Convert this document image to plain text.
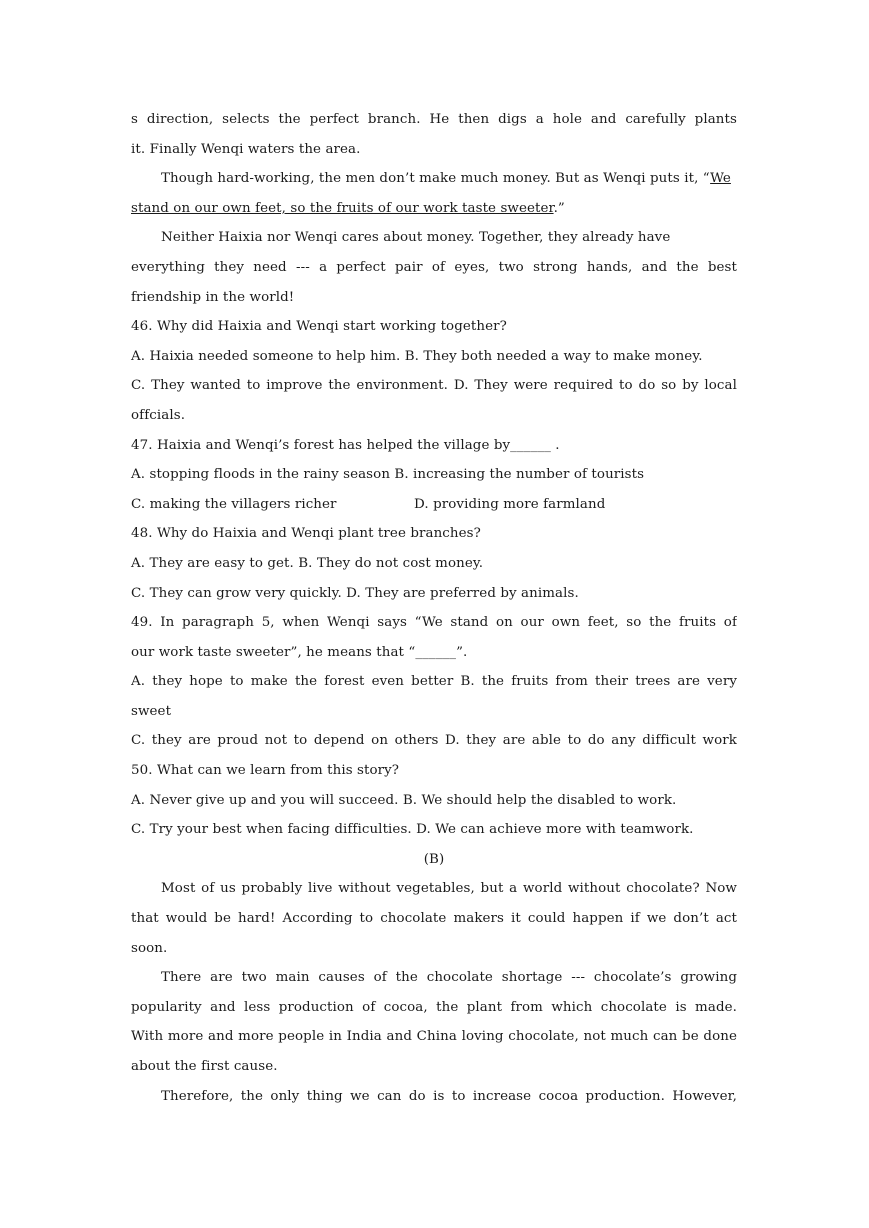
s direction, selects the perfect branch. He then digs a hole and carefully plants
it. Finally Wenqi waters the area.
Though hard-working, the men don’t make much money. But as Wenqi puts it, “We
stand on our own feet, so the fruits of our work taste sweeter.”
Neither Haixia nor Wenqi cares about money. Together, they already have
everything they need --- a perfect pair of eyes, two strong hands, and the best
friendship in the world!
46. Why did Haixia and Wenqi start working together?
A. Haixia needed someone to help him. B. They both needed a way to make money.
C. They wanted to improve the environment. D. They were required to do so by local
offcials.
47. Haixia and Wenqi’s forest has helped the village by______ .
A. stopping floods in the rainy season B. increasing the number of tourists
C. making the villagers richer	D. providing more farmland
48. Why do Haixia and Wenqi plant tree branches?
A. They are easy to get. B. They do not cost money.
C. They can grow very quickly. D. They are preferred by animals.
49. In paragraph 5, when Wenqi says “We stand on our own feet, so the fruits of
our work taste sweeter”, he means that “______”.
A. they hope to make the forest even better B. the fruits from their trees are very
sweet
C. they are proud not to depend on others D. they are able to do any difficult work
50. What can we learn from this story?
A. Never give up and you will succeed. B. We should help the disabled to work.
C. Try your best when facing difficulties. D. We can achieve more with teamwork.
(B)
Most of us probably live without vegetables, but a world without chocolate? Now
that would be hard! According to chocolate makers it could happen if we don’t act
soon.
There are two main causes of the chocolate shortage --- chocolate’s growing
popularity and less production of cocoa, the plant from which chocolate is made.
With more and more people in India and China loving chocolate, not much can be done
about the first cause.
Therefore, the only thing we can do is to increase cocoa production. However,
